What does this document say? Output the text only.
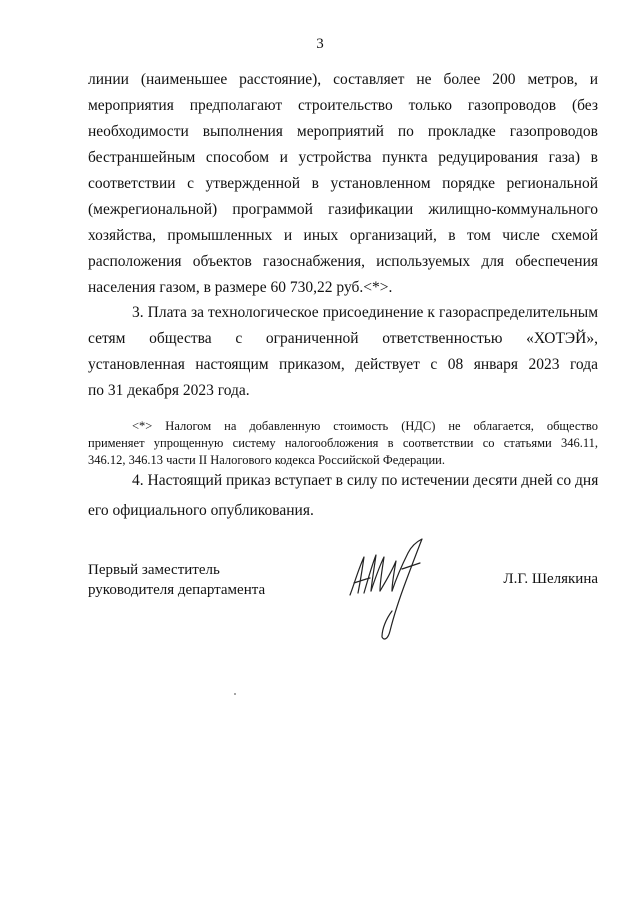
3
линии (наименьшее расстояние), составляет не более 200 метров, и
мероприятия предполагают строительство только газопроводов (без
необходимости выполнения мероприятий по прокладке газопроводов
бестраншейным способом и устройства пункта редуцирования газа) в
соответствии с утвержденной в установленном порядке региональной
(межрегиональной) программой газификации жилищно-коммунального
хозяйства, промышленных и иных организаций, в том числе схемой
расположения объектов газоснабжения, используемых для обеспечения
населения газом, в размере 60 730,22 руб.<*>.
3. Плата за технологическое присоединение к газораспределительным
сетям общества с ограниченной ответственностью «ХОТЭЙ»,
установленная настоящим приказом, действует с 08 января 2023 года
по 31 декабря 2023 года.
<*> Налогом на добавленную стоимость (НДС) не облагается, общество
применяет упрощенную систему налогообложения в соответствии со статьями 346.11,
346.12, 346.13 части II Налогового кодекса Российской Федерации.
4. Настоящий приказ вступает в силу по истечении десяти дней со дня
его официального опубликования.
Первый заместитель
руководителя департамента
Л.Г. Шелякина
